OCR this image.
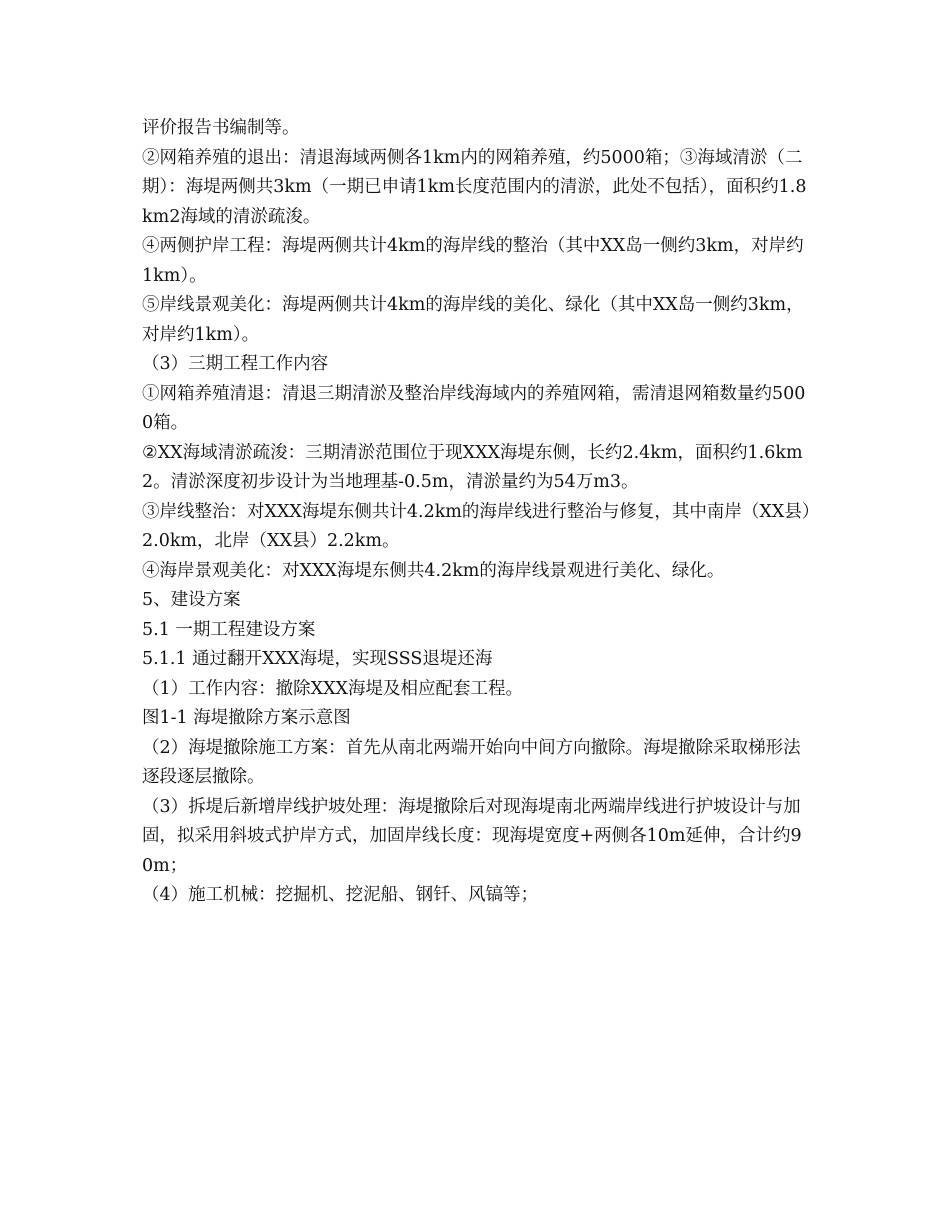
评价报告书编制等。

②网箱养殖的退出：清退海域两侧各1km内的网箱养殖，约5000箱；③海域清淤（二期）：海堤两侧共3km（一期已申请1km长度范围内的清淤，此处不包括），面积约1.8km2海域的清淤疏浚。

④两侧护岸工程：海堤两侧共计4km的海岸线的整治（其中XX岛一侧约3km，对岸约1km）。

⑤岸线景观美化：海堤两侧共计4km的海岸线的美化、绿化（其中XX岛一侧约3km，对岸约1km）。

（3）三期工程工作内容

①网箱养殖清退：清退三期清淤及整治岸线海域内的养殖网箱，需清退网箱数量约5000箱。

②XX海域清淤疏浚：三期清淤范围位于现XXX海堤东侧，长约2.4km，面积约1.6km2。清淤深度初步设计为当地理基-0.5m，清淤量约为54万m3。

③岸线整治：对XXX海堤东侧共计4.2km的海岸线进行整治与修复，其中南岸（XX县）2.0km，北岸（XX县）2.2km。

④海岸景观美化：对XXX海堤东侧共4.2km的海岸线景观进行美化、绿化。

5、建设方案

5.1 一期工程建设方案

5.1.1 通过翻开XXX海堤，实现SSS退堤还海

（1）工作内容：撤除XXX海堤及相应配套工程。

图1-1 海堤撤除方案示意图

（2）海堤撤除施工方案：首先从南北两端开始向中间方向撤除。海堤撤除采取梯形法逐段逐层撤除。

（3）拆堤后新增岸线护坡处理：海堤撤除后对现海堤南北两端岸线进行护坡设计与加固，拟采用斜坡式护岸方式，加固岸线长度：现海堤宽度+两侧各10m延伸，合计约90m；

（4）施工机械：挖掘机、挖泥船、钢钎、风镐等；
